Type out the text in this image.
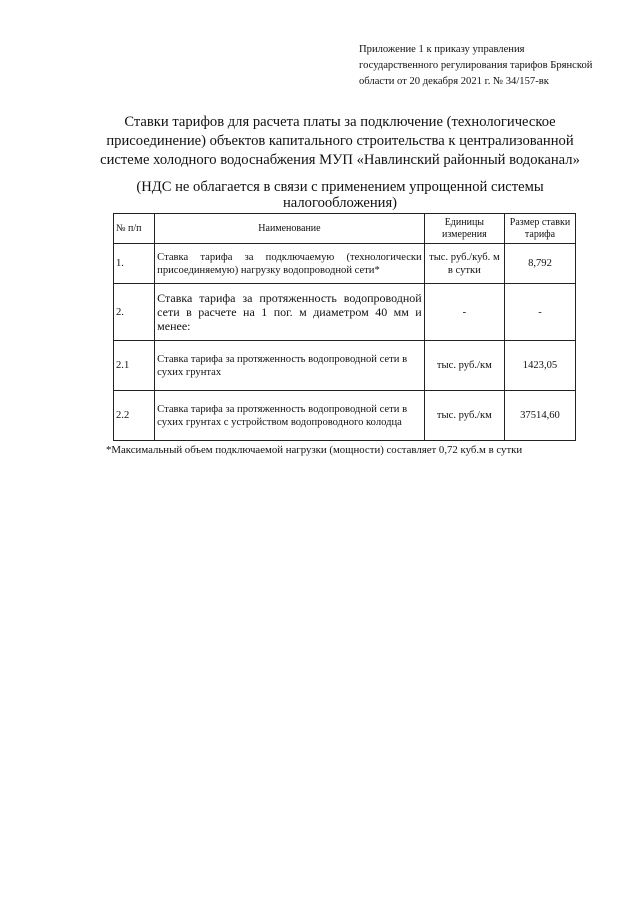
Приложение 1 к приказу управления
государственного регулирования тарифов Брянской
области от 20 декабря 2021 г. № 34/157-вк
Ставки тарифов для расчета платы за подключение (технологическое
присоединение) объектов капитального строительства к централизованной
системе холодного водоснабжения МУП «Навлинский районный водоканал»
(НДС не облагается в связи с применением упрощенной системы
налогообложения)
№ п/п	Наименование	Единицы измерения	Размер ставки тарифа
1.	Ставка тарифа за подключаемую (технологически присоединяемую) нагрузку водопроводной сети*	тыс. руб./куб. м в сутки	8,792
2.	Ставка тарифа за протяженность водопроводной сети в расчете на 1 пог. м диаметром 40 мм и менее:	-	-
2.1	Ставка тарифа за протяженность водопроводной сети в сухих грунтах	тыс. руб./км	1423,05
2.2	Ставка тарифа за протяженность водопроводной сети в сухих грунтах с устройством водопроводного колодца	тыс. руб./км	37514,60
*Максимальный объем подключаемой нагрузки (мощности) составляет 0,72 куб.м в сутки
